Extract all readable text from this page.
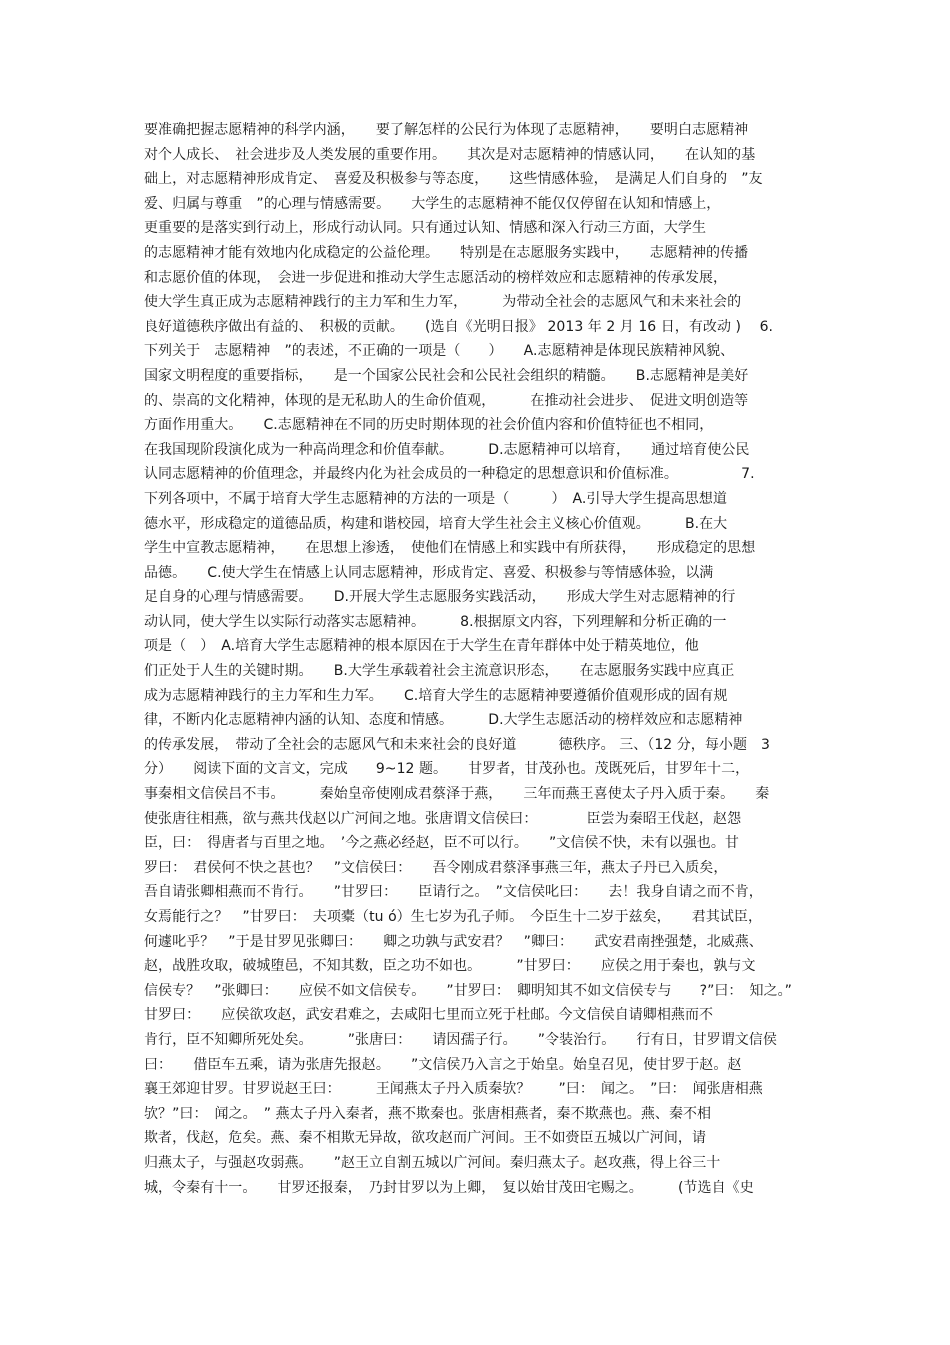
要准确把握志愿精神的科学内涵，　　要了解怎样的公民行为体现了志愿精神，　　要明白志愿精神
对个人成长、　社会进步及人类发展的重要作用。　　其次是对志愿精神的情感认同，　　在认知的基
础上，对志愿精神形成肯定、　喜爱及积极参与等态度，　　这些情感体验，　是满足人们自身的　”友
爱、归属与尊重　”的心理与情感需要。　　大学生的志愿精神不能仅仅停留在认知和情感上，
更重要的是落实到行动上，形成行动认同。只有通过认知、情感和深入行动三方面，大学生
的志愿精神才能有效地内化成稳定的公益伦理。　　特别是在志愿服务实践中，　　志愿精神的传播
和志愿价值的体现，　会进一步促进和推动大学生志愿活动的榜样效应和志愿精神的传承发展，
使大学生真正成为志愿精神践行的主力军和生力军，　　　为带动全社会的志愿风气和未来社会的
良好道德秩序做出有益的、　积极的贡献。　　(选自《光明日报》 2013 年 2 月 16 日，有改动 )　 6.
下列关于　志愿精神　”的表述，不正确的一项是（　　）　　A.志愿精神是体现民族精神风貌、
国家文明程度的重要指标，　　是一个国家公民社会和公民社会组织的精髓。　　B.志愿精神是美好
的、崇高的文化精神，体现的是无私助人的生命价值观，　　　在推动社会进步、　促进文明创造等
方面作用重大。　　C.志愿精神在不同的历史时期体现的社会价值内容和价值特征也不相同，
在我国现阶段演化成为一种高尚理念和价值奉献。　　　D.志愿精神可以培育，　　通过培育使公民
认同志愿精神的价值理念，并最终内化为社会成员的一种稳定的思想意识和价值标准。　　　　　7.
下列各项中，不属于培育大学生志愿精神的方法的一项是（　　　）　A.引导大学生提高思想道
德水平，形成稳定的道德品质，构建和谐校园，培育大学生社会主义核心价值观。　　　B.在大
学生中宣教志愿精神，　　在思想上渗透，　使他们在情感上和实践中有所获得，　　形成稳定的思想
品德。　　C.使大学生在情感上认同志愿精神，形成肯定、喜爱、积极参与等情感体验，以满
足自身的心理与情感需要。　　D.开展大学生志愿服务实践活动，　　形成大学生对志愿精神的行
动认同，使大学生以实际行动落实志愿精神。　　　8.根据原文内容，下列理解和分析正确的一
项是（　）　A.培育大学生志愿精神的根本原因在于大学生在青年群体中处于精英地位，他
们正处于人生的关键时期。　　B.大学生承载着社会主流意识形态，　　在志愿服务实践中应真正
成为志愿精神践行的主力军和生力军。　　C.培育大学生的志愿精神要遵循价值观形成的固有规
律，不断内化志愿精神内涵的认知、态度和情感。　　　D.大学生志愿活动的榜样效应和志愿精神
的传承发展，　带动了全社会的志愿风气和未来社会的良好道　　　德秩序。 三、（12 分，每小题　3
分）　　阅读下面的文言文，完成　　9~12 题。　　甘罗者，甘茂孙也。茂既死后，甘罗年十二，
事秦相文信侯吕不韦。　　　秦始皇帝使刚成君蔡泽于燕，　　三年而燕王喜使太子丹入质于秦。　　秦
使张唐往相燕，欲与燕共伐赵以广河间之地。张唐谓文信侯曰：　　　　臣尝为秦昭王伐赵，赵怨
臣，曰：　得唐者与百里之地。　’今之燕必经赵，臣不可以行。　　”文信侯不快，未有以强也。甘
罗曰：　君侯何不快之甚也？　”文信侯曰：　　吾令刚成君蔡泽事燕三年，燕太子丹已入质矣，
吾自请张卿相燕而不肯行。　　”甘罗曰：　　臣请行之。　”文信侯叱曰：　　去！我身自请之而不肯，
女焉能行之？　”甘罗曰：　夫项橐（tu ó）生七岁为孔子师。　今臣生十二岁于兹矣，　　君其试臣，
何遽叱乎？　”于是甘罗见张卿曰：　　卿之功孰与武安君？　”卿曰：　　武安君南挫强楚，北威燕、
赵，战胜攻取，破城堕邑，不知其数，臣之功不如也。　　　”甘罗曰：　　应侯之用于秦也，孰与文
信侯专？　”张卿曰：　　应侯不如文信侯专。　　”甘罗曰：　卿明知其不如文信侯专与　　?”曰：　知之。”
甘罗曰：　　应侯欲攻赵，武安君难之，去咸阳七里而立死于杜邮。今文信侯自请卿相燕而不
肯行，臣不知卿所死处矣。　　　”张唐曰：　　请因孺子行。　　”令装治行。　　行有日，甘罗谓文信侯
曰：　　借臣车五乘，请为张唐先报赵。　　”文信侯乃入言之于始皇。始皇召见，使甘罗于赵。赵
襄王郊迎甘罗。甘罗说赵王曰：　　　王闻燕太子丹入质秦欤？　　”曰：　闻之。　”曰：　闻张唐相燕
欤？”曰：　闻之。　” 燕太子丹入秦者，燕不欺秦也。张唐相燕者，秦不欺燕也。燕、秦不相
欺者，伐赵，危矣。燕、秦不相欺无异故，欲攻赵而广河间。王不如赍臣五城以广河间，请
归燕太子，与强赵攻弱燕。　　”赵王立自割五城以广河间。秦归燕太子。赵攻燕，得上谷三十
城，令秦有十一。　　甘罗还报秦，　乃封甘罗以为上卿，　复以始甘茂田宅赐之。　　　(节选自《史
